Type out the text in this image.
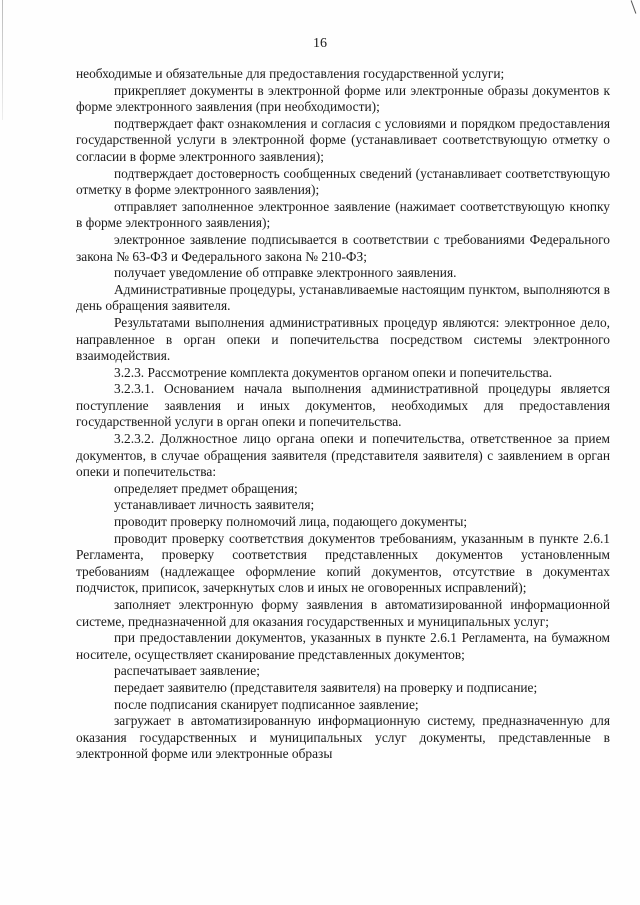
16

необходимые и обязательные для предоставления государственной услуги;

прикрепляет документы в электронной форме или электронные образы документов к форме электронного заявления (при необходимости);

подтверждает факт ознакомления и согласия с условиями и порядком предоставления государственной услуги в электронной форме (устанавливает соответствующую отметку о согласии в форме электронного заявления);

подтверждает достоверность сообщенных сведений (устанавливает соответствующую отметку в форме электронного заявления);

отправляет заполненное электронное заявление (нажимает соответствующую кнопку в форме электронного заявления);

электронное заявление подписывается в соответствии с требованиями Федерального закона № 63-ФЗ и Федерального закона № 210-ФЗ;

получает уведомление об отправке электронного заявления.

Административные процедуры, устанавливаемые настоящим пунктом, выполняются в день обращения заявителя.

Результатами выполнения административных процедур являются: электронное дело, направленное в орган опеки и попечительства посредством системы электронного взаимодействия.

3.2.3. Рассмотрение комплекта документов органом опеки и попечительства.

3.2.3.1. Основанием начала выполнения административной процедуры является поступление заявления и иных документов, необходимых для предоставления государственной услуги в орган опеки и попечительства.

3.2.3.2. Должностное лицо органа опеки и попечительства, ответственное за прием документов, в случае обращения заявителя (представителя заявителя) с заявлением в орган опеки и попечительства:

определяет предмет обращения;

устанавливает личность заявителя;

проводит проверку полномочий лица, подающего документы;

проводит проверку соответствия документов требованиям, указанным в пункте 2.6.1 Регламента, проверку соответствия представленных документов установленным требованиям (надлежащее оформление копий документов, отсутствие в документах подчисток, приписок, зачеркнутых слов и иных не оговоренных исправлений);

заполняет электронную форму заявления в автоматизированной информационной системе, предназначенной для оказания государственных и муниципальных услуг;

при предоставлении документов, указанных в пункте 2.6.1 Регламента, на бумажном носителе, осуществляет сканирование представленных документов;

распечатывает заявление;

передает заявителю (представителя заявителя) на проверку и подписание;

после подписания сканирует подписанное заявление;

загружает в автоматизированную информационную систему, предназначенную для оказания государственных и муниципальных услуг документы, представленные в электронной форме или электронные образы
